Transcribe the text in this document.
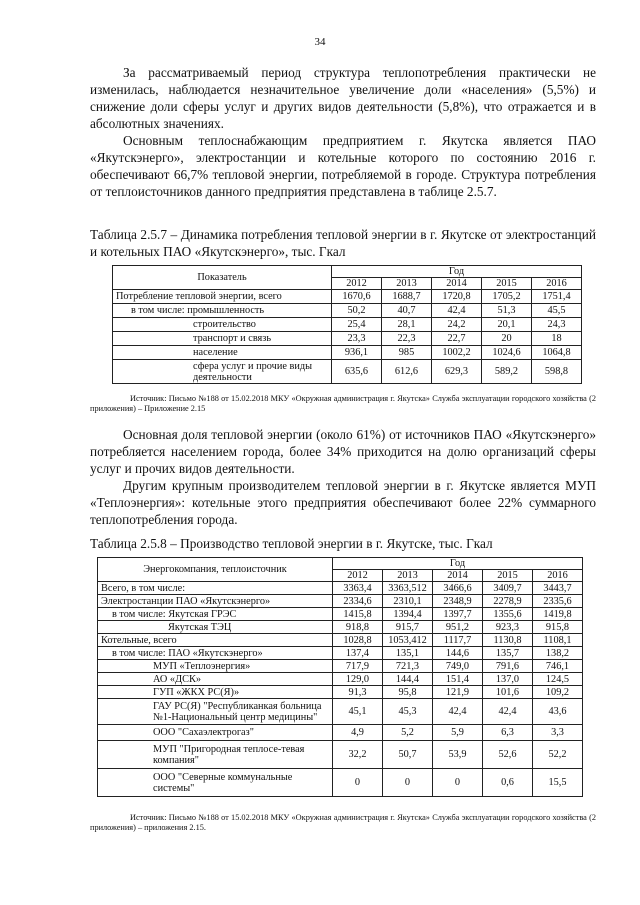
34

За рассматриваемый период структура теплопотребления практически не изменилась, наблюдается незначительное увеличение доли «населения» (5,5%) и снижение доли сферы услуг и других видов деятельности (5,8%), что отражается и в абсолютных значениях.

Основным теплоснабжающим предприятием г. Якутска является ПАО «Якутскэнерго», электростанции и котельные которого по состоянию 2016 г. обеспечивают 66,7% тепловой энергии, потребляемой в городе. Структура потребления от теплоисточников данного предприятия представлена в таблице 2.5.7.

Таблица 2.5.7 – Динамика потребления тепловой энергии в г. Якутске от электростанций и котельных ПАО «Якутскэнерго», тыс. Гкал

Показатель	Год				
	2012	2013	2014	2015	2016
Потребление тепловой энергии, всего	1670,6	1688,7	1720,8	1705,2	1751,4
в том числе: промышленность	50,2	40,7	42,4	51,3	45,5
строительство	25,4	28,1	24,2	20,1	24,3
транспорт и связь	23,3	22,3	22,7	20	18
население	936,1	985	1002,2	1024,6	1064,8
сфера услуг и прочие виды деятельности	635,6	612,6	629,3	589,2	598,8

Источник: Письмо №188 от 15.02.2018 МКУ «Окружная администрация г. Якутска» Служба эксплуатации городского хозяйства (2 приложения) – Приложение 2.15

Основная доля тепловой энергии (около 61%) от источников ПАО «Якутскэнерго» потребляется населением города, более 34% приходится на долю организаций сферы услуг и прочих видов деятельности.

Другим крупным производителем тепловой энергии в г. Якутске является МУП «Теплоэнергия»: котельные этого предприятия обеспечивают более 22% суммарного теплопотребления города.

Таблица 2.5.8 – Производство тепловой энергии в г. Якутске, тыс. Гкал

Энергокомпания, теплоисточник	Год				
	2012	2013	2014	2015	2016
Всего, в том числе:	3363,4	3363,512	3466,6	3409,7	3443,7
Электростанции ПАО «Якутскэнерго»	2334,6	2310,1	2348,9	2278,9	2335,6
в том числе: Якутская ГРЭС	1415,8	1394,4	1397,7	1355,6	1419,8
Якутская ТЭЦ	918,8	915,7	951,2	923,3	915,8
Котельные, всего	1028,8	1053,412	1117,7	1130,8	1108,1
в том числе: ПАО «Якутскэнерго»	137,4	135,1	144,6	135,7	138,2
МУП «Теплоэнергия»	717,9	721,3	749,0	791,6	746,1
АО «ДСК»	129,0	144,4	151,4	137,0	124,5
ГУП «ЖКХ РС(Я)»	91,3	95,8	121,9	101,6	109,2
ГАУ РС(Я) "Республиканкая больница №1-Национальный центр медицины"	45,1	45,3	42,4	42,4	43,6
ООО "Сахаэлектрогаз"	4,9	5,2	5,9	6,3	3,3
МУП "Пригородная теплосе-тевая компания"	32,2	50,7	53,9	52,6	52,2
ООО "Северные коммунальные системы"	0	0	0	0,6	15,5

Источник: Письмо №188 от 15.02.2018 МКУ «Окружная администрация г. Якутска» Служба эксплуатации городского хозяйства (2 приложения) – приложения 2.15.
